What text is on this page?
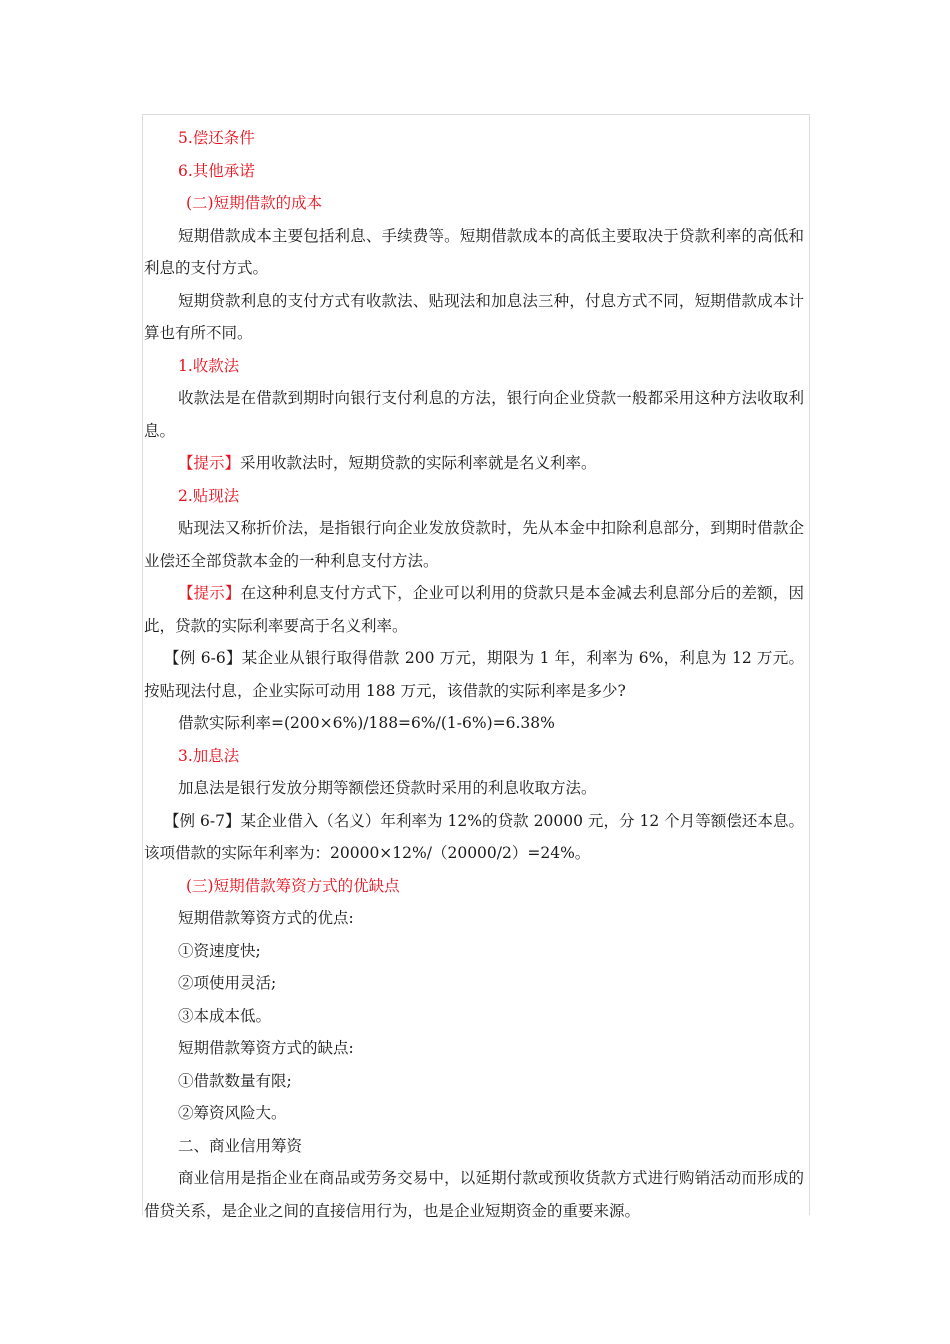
5.偿还条件

6.其他承诺

(二)短期借款的成本

短期借款成本主要包括利息、手续费等。短期借款成本的高低主要取决于贷款利率的高低和利息的支付方式。

短期贷款利息的支付方式有收款法、贴现法和加息法三种，付息方式不同，短期借款成本计算也有所不同。

1.收款法

收款法是在借款到期时向银行支付利息的方法，银行向企业贷款一般都采用这种方法收取利息。

【提示】采用收款法时，短期贷款的实际利率就是名义利率。

2.贴现法

贴现法又称折价法，是指银行向企业发放贷款时，先从本金中扣除利息部分，到期时借款企业偿还全部贷款本金的一种利息支付方法。

【提示】在这种利息支付方式下，企业可以利用的贷款只是本金减去利息部分后的差额，因此，贷款的实际利率要高于名义利率。

【例 6-6】某企业从银行取得借款 200 万元，期限为 1 年，利率为 6%，利息为 12 万元。按贴现法付息，企业实际可动用 188 万元，该借款的实际利率是多少?

借款实际利率=(200×6%)/188=6%/(1-6%)=6.38%

3.加息法

加息法是银行发放分期等额偿还贷款时采用的利息收取方法。

【例 6-7】某企业借入（名义）年利率为 12%的贷款 20000 元，分 12 个月等额偿还本息。该项借款的实际年利率为：20000×12%/（20000/2）=24%。

(三)短期借款筹资方式的优缺点

短期借款筹资方式的优点:

①资速度快;

②项使用灵活;

③本成本低。

短期借款筹资方式的缺点:

①借款数量有限;

②筹资风险大。

二、商业信用筹资

商业信用是指企业在商品或劳务交易中，以延期付款或预收货款方式进行购销活动而形成的借贷关系，是企业之间的直接信用行为，也是企业短期资金的重要来源。
